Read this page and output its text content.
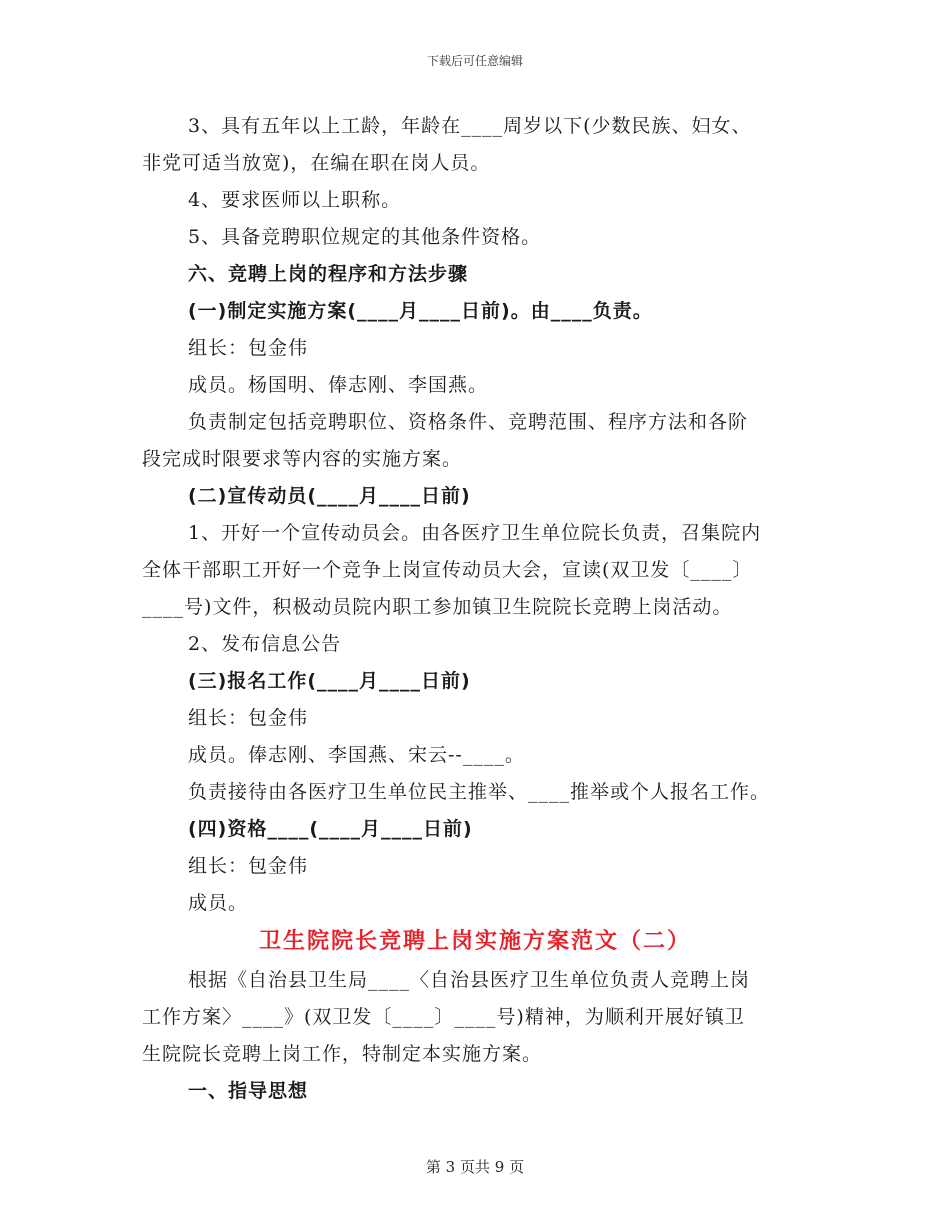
下载后可任意编辑
3、具有五年以上工龄，年龄在____周岁以下(少数民族、妇女、
非党可适当放宽)，在编在职在岗人员。
4、要求医师以上职称。
5、具备竞聘职位规定的其他条件资格。
六、竞聘上岗的程序和方法步骤
(一)制定实施方案(____月____日前)。由____负责。
组长：包金伟
成员。杨国明、俸志刚、李国燕。
负责制定包括竞聘职位、资格条件、竞聘范围、程序方法和各阶
段完成时限要求等内容的实施方案。
(二)宣传动员(____月____日前)
1、开好一个宣传动员会。由各医疗卫生单位院长负责，召集院内
全体干部职工开好一个竞争上岗宣传动员大会，宣读(双卫发〔____〕
____号)文件，积极动员院内职工参加镇卫生院院长竞聘上岗活动。
2、发布信息公告
(三)报名工作(____月____日前)
组长：包金伟
成员。俸志刚、李国燕、宋云--____。
负责接待由各医疗卫生单位民主推举、____推举或个人报名工作。
(四)资格____(____月____日前)
组长：包金伟
成员。
卫生院院长竞聘上岗实施方案范文（二）
根据《自治县卫生局____〈自治县医疗卫生单位负责人竞聘上岗
工作方案〉____》(双卫发〔____〕____号)精神，为顺利开展好镇卫
生院院长竞聘上岗工作，特制定本实施方案。
一、指导思想
第 3 页共 9 页
